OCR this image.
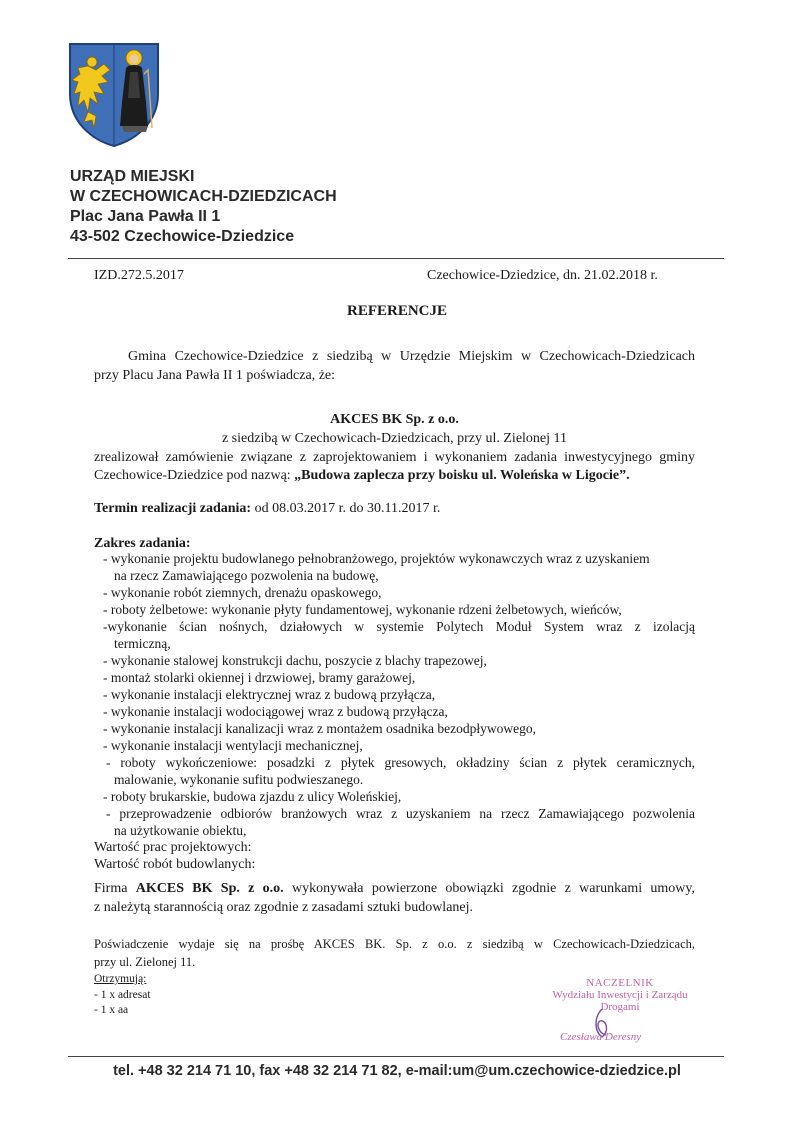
URZĄD MIEJSKI
W CZECHOWICACH-DZIEDZICACH
Plac Jana Pawła II 1
43-502 Czechowice-Dziedzice
IZD.272.5.2017	Czechowice-Dziedzice, dn. 21.02.2018 r.
REFERENCJE
Gmina Czechowice-Dziedzice z siedzibą w Urzędzie Miejskim w Czechowicach-Dziedzicach
przy Placu Jana Pawła II 1 poświadcza, że:
AKCES BK Sp. z o.o.
z siedzibą w Czechowicach-Dziedzicach, przy ul. Zielonej 11
zrealizował zamówienie związane z zaprojektowaniem i wykonaniem zadania inwestycyjnego gminy
Czechowice-Dziedzice pod nazwą: „Budowa zaplecza przy boisku ul. Woleńska w Ligocie”.
Termin realizacji zadania: od 08.03.2017 r. do 30.11.2017 r.
Zakres zadania:
- wykonanie projektu budowlanego pełnobranżowego, projektów wykonawczych wraz z uzyskaniem
na rzecz Zamawiającego pozwolenia na budowę,
- wykonanie robót ziemnych, drenażu opaskowego,
- roboty żelbetowe: wykonanie płyty fundamentowej, wykonanie rdzeni żelbetowych, wieńców,
-wykonanie ścian nośnych, działowych w systemie Polytech Moduł System wraz z izolacją
termiczną,
- wykonanie stalowej konstrukcji dachu, poszycie z blachy trapezowej,
- montaż stolarki okiennej i drzwiowej, bramy garażowej,
- wykonanie instalacji elektrycznej wraz z budową przyłącza,
- wykonanie instalacji wodociągowej wraz z budową przyłącza,
- wykonanie instalacji kanalizacji wraz z montażem osadnika bezodpływowego,
- wykonanie instalacji wentylacji mechanicznej,
- roboty wykończeniowe: posadzki z płytek gresowych, okładziny ścian z płytek ceramicznych,
malowanie, wykonanie sufitu podwieszanego.
- roboty brukarskie, budowa zjazdu z ulicy Woleńskiej,
- przeprowadzenie odbiorów branżowych wraz z uzyskaniem na rzecz Zamawiającego pozwolenia
na użytkowanie obiektu,
Wartość prac projektowych:
Wartość robót budowlanych:
Firma AKCES BK Sp. z o.o. wykonywała powierzone obowiązki zgodnie z warunkami umowy,
z należytą starannością oraz zgodnie z zasadami sztuki budowlanej.
Poświadczenie wydaje się na prośbę AKCES BK. Sp. z o.o. z siedzibą w Czechowicach-Dziedzicach,
przy ul. Zielonej 11.
Otrzymują:
- 1 x adresat
- 1 x aa
NACZELNIK
Wydziału Inwestycji i Zarządu
Drogami
Czesława Deresny
tel. +48 32 214 71 10, fax +48 32 214 71 82, e-mail:um@um.czechowice-dziedzice.pl
